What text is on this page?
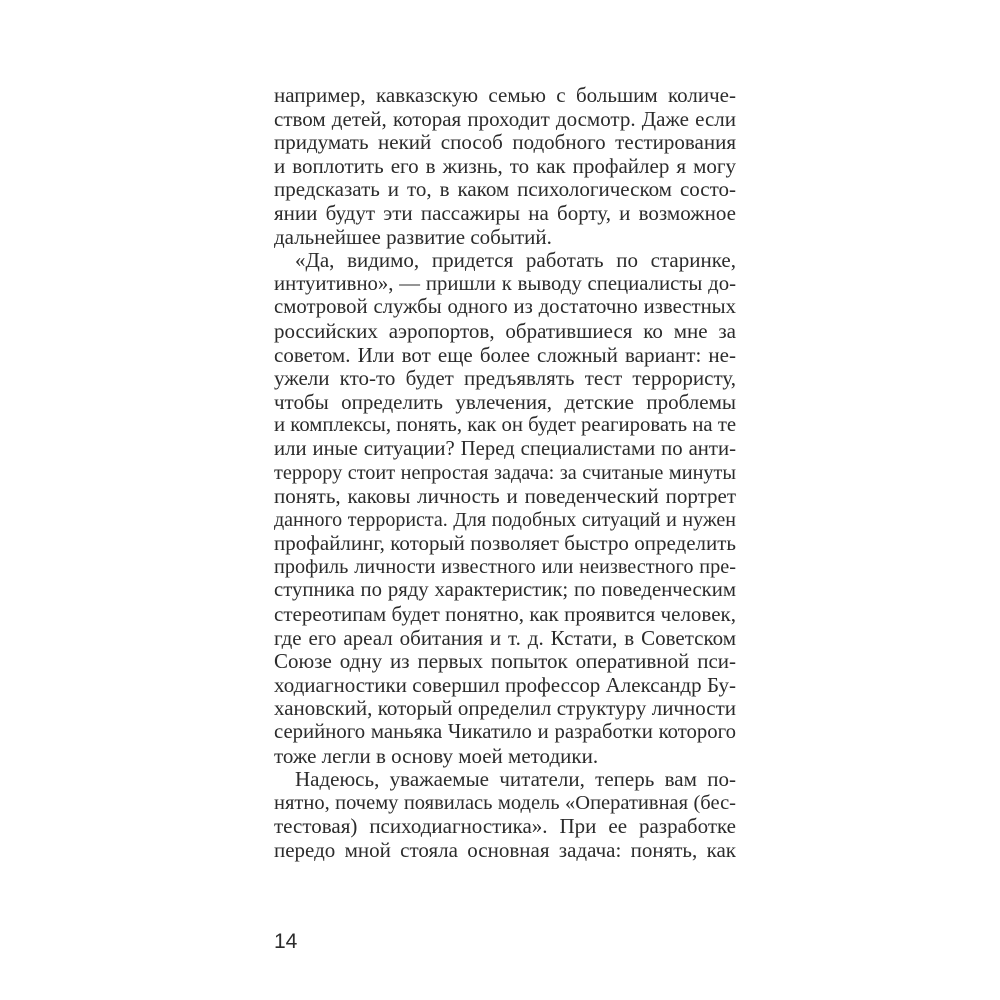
например, кавказскую семью с большим количе-
ством детей, которая проходит досмотр. Даже если
придумать некий способ подобного тестирования
и воплотить его в жизнь, то как профайлер я могу
предсказать и то, в каком психологическом состо-
янии будут эти пассажиры на борту, и возможное
дальнейшее развитие событий.
«Да, видимо, придется работать по старинке,
интуитивно», — пришли к выводу специалисты до-
смотровой службы одного из достаточно известных
российских аэропортов, обратившиеся ко мне за
советом. Или вот еще более сложный вариант: не-
ужели кто-то будет предъявлять тест террористу,
чтобы определить увлечения, детские проблемы
и комплексы, понять, как он будет реагировать на те
или иные ситуации? Перед специалистами по анти-
террору стоит непростая задача: за считаные минуты
понять, каковы личность и поведенческий портрет
данного террориста. Для подобных ситуаций и нужен
профайлинг, который позволяет быстро определить
профиль личности известного или неизвестного пре-
ступника по ряду характеристик; по поведенческим
стереотипам будет понятно, как проявится человек,
где его ареал обитания и т. д. Кстати, в Советском
Союзе одну из первых попыток оперативной пси-
ходиагностики совершил профессор Александр Бу-
хановский, который определил структуру личности
серийного маньяка Чикатило и разработки которого
тоже легли в основу моей методики.
Надеюсь, уважаемые читатели, теперь вам по-
нятно, почему появилась модель «Оперативная (бес-
тестовая) психодиагностика». При ее разработке
передо мной стояла основная задача: понять, как
14
